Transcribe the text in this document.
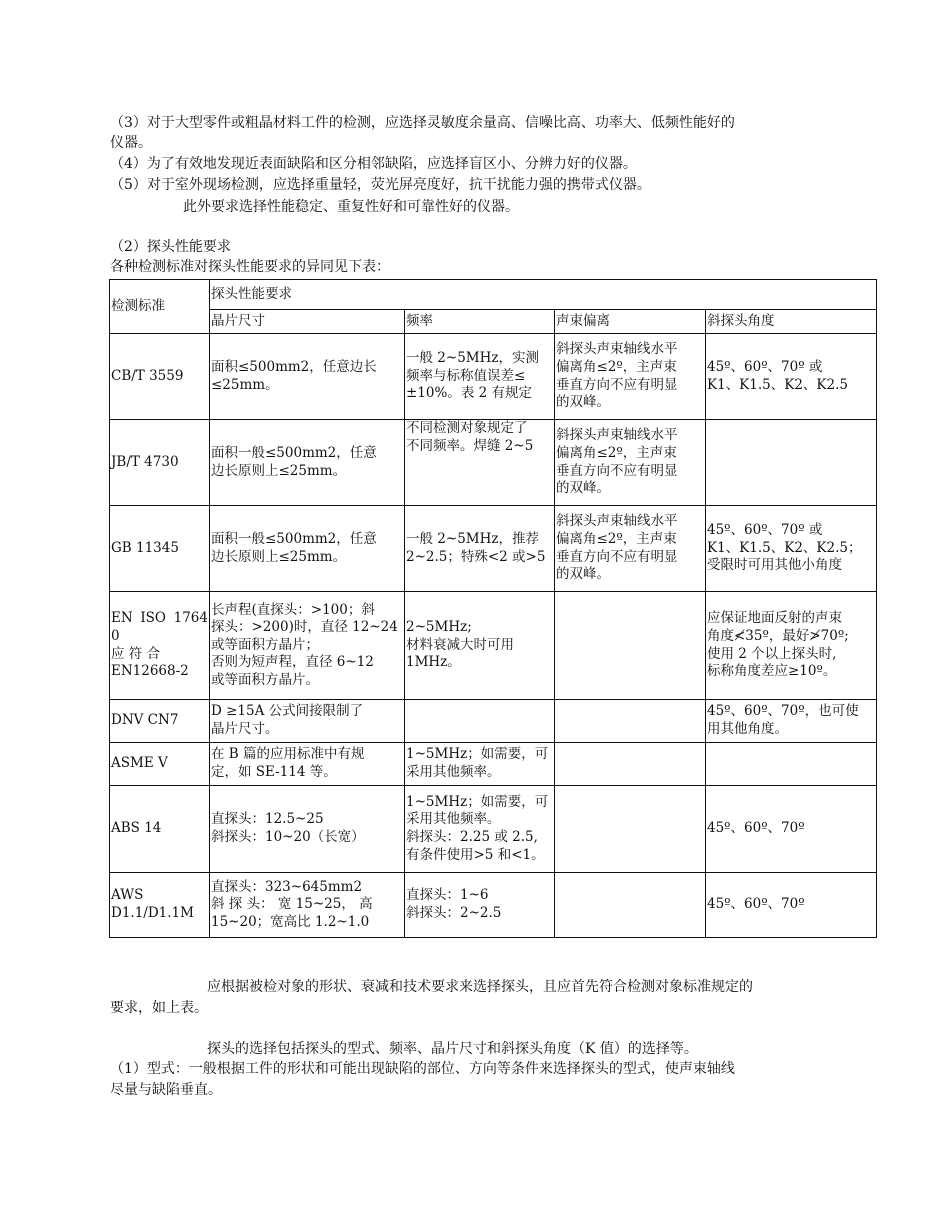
（3）对于大型零件或粗晶材料工件的检测，应选择灵敏度余量高、信噪比高、功率大、低频性能好的
仪器。
（4）为了有效地发现近表面缺陷和区分相邻缺陷，应选择盲区小、分辨力好的仪器。
（5）对于室外现场检测，应选择重量轻，荧光屏亮度好，抗干扰能力强的携带式仪器。
此外要求选择性能稳定、重复性好和可靠性好的仪器。
（2）探头性能要求
各种检测标准对探头性能要求的异同见下表：
检测标准	探头性能要求			
	晶片尺寸	频率	声束偏离	斜探头角度

CB/T 3559	面积≤500mm2，任意边长
≤25mm。	一般 2~5MHz，实测
频率与标称值误差≤
±10%。表 2 有规定	斜探头声束轴线水平
偏离角≤2º，主声束
垂直方向不应有明显
的双峰。	45º、60º、70º 或
K1、K1.5、K2、K2.5

JB/T 4730	面积一般≤500mm2，任意
边长原则上≤25mm。	不同检测对象规定了
不同频率。焊缝 2~5	斜探头声束轴线水平
偏离角≤2º，主声束
垂直方向不应有明显
的双峰。	

GB 11345	面积一般≤500mm2，任意
边长原则上≤25mm。	一般 2~5MHz，推荐
2~2.5；特殊<2 或>5	斜探头声束轴线水平
偏离角≤2º，主声束
垂直方向不应有明显
的双峰。	45º、60º、70º 或
K1、K1.5、K2、K2.5；
受限时可用其他小角度

EN ISO 17640
应 符 合
EN12668-2	长声程(直探头：>100；斜
探头：>200)时，直径 12~24
或等面积方晶片；
否则为短声程，直径 6~12
或等面积方晶片。	2~5MHz;
材料衰减大时可用
1MHz。		应保证地面反射的声束
角度≮35º，最好≯70º;
使用 2 个以上探头时,
标称角度差应≥10º。

DNV CN7	D ≥15A 公式间接限制了
晶片尺寸。			45º、60º、70º，也可使
用其他角度。

ASME V	在 B 篇的应用标准中有规
定，如 SE-114 等。	1~5MHz；如需要，可
采用其他频率。		

ABS 14	直探头：12.5~25
斜探头：10~20（长宽）	1~5MHz；如需要，可
采用其他频率。
斜探头：2.25 或 2.5,
有条件使用>5 和<1。		45º、60º、70º

AWS
D1.1/D1.1M	直探头：323~645mm2
斜 探 头： 宽 15~25， 高
15~20；宽高比 1.2~1.0	直探头：1~6
斜探头：2~2.5		45º、60º、70º
应根据被检对象的形状、衰减和技术要求来选择探头，且应首先符合检测对象标准规定的
要求，如上表。
探头的选择包括探头的型式、频率、晶片尺寸和斜探头角度（K 值）的选择等。
（1）型式：一般根据工件的形状和可能出现缺陷的部位、方向等条件来选择探头的型式，使声束轴线
尽量与缺陷垂直。
